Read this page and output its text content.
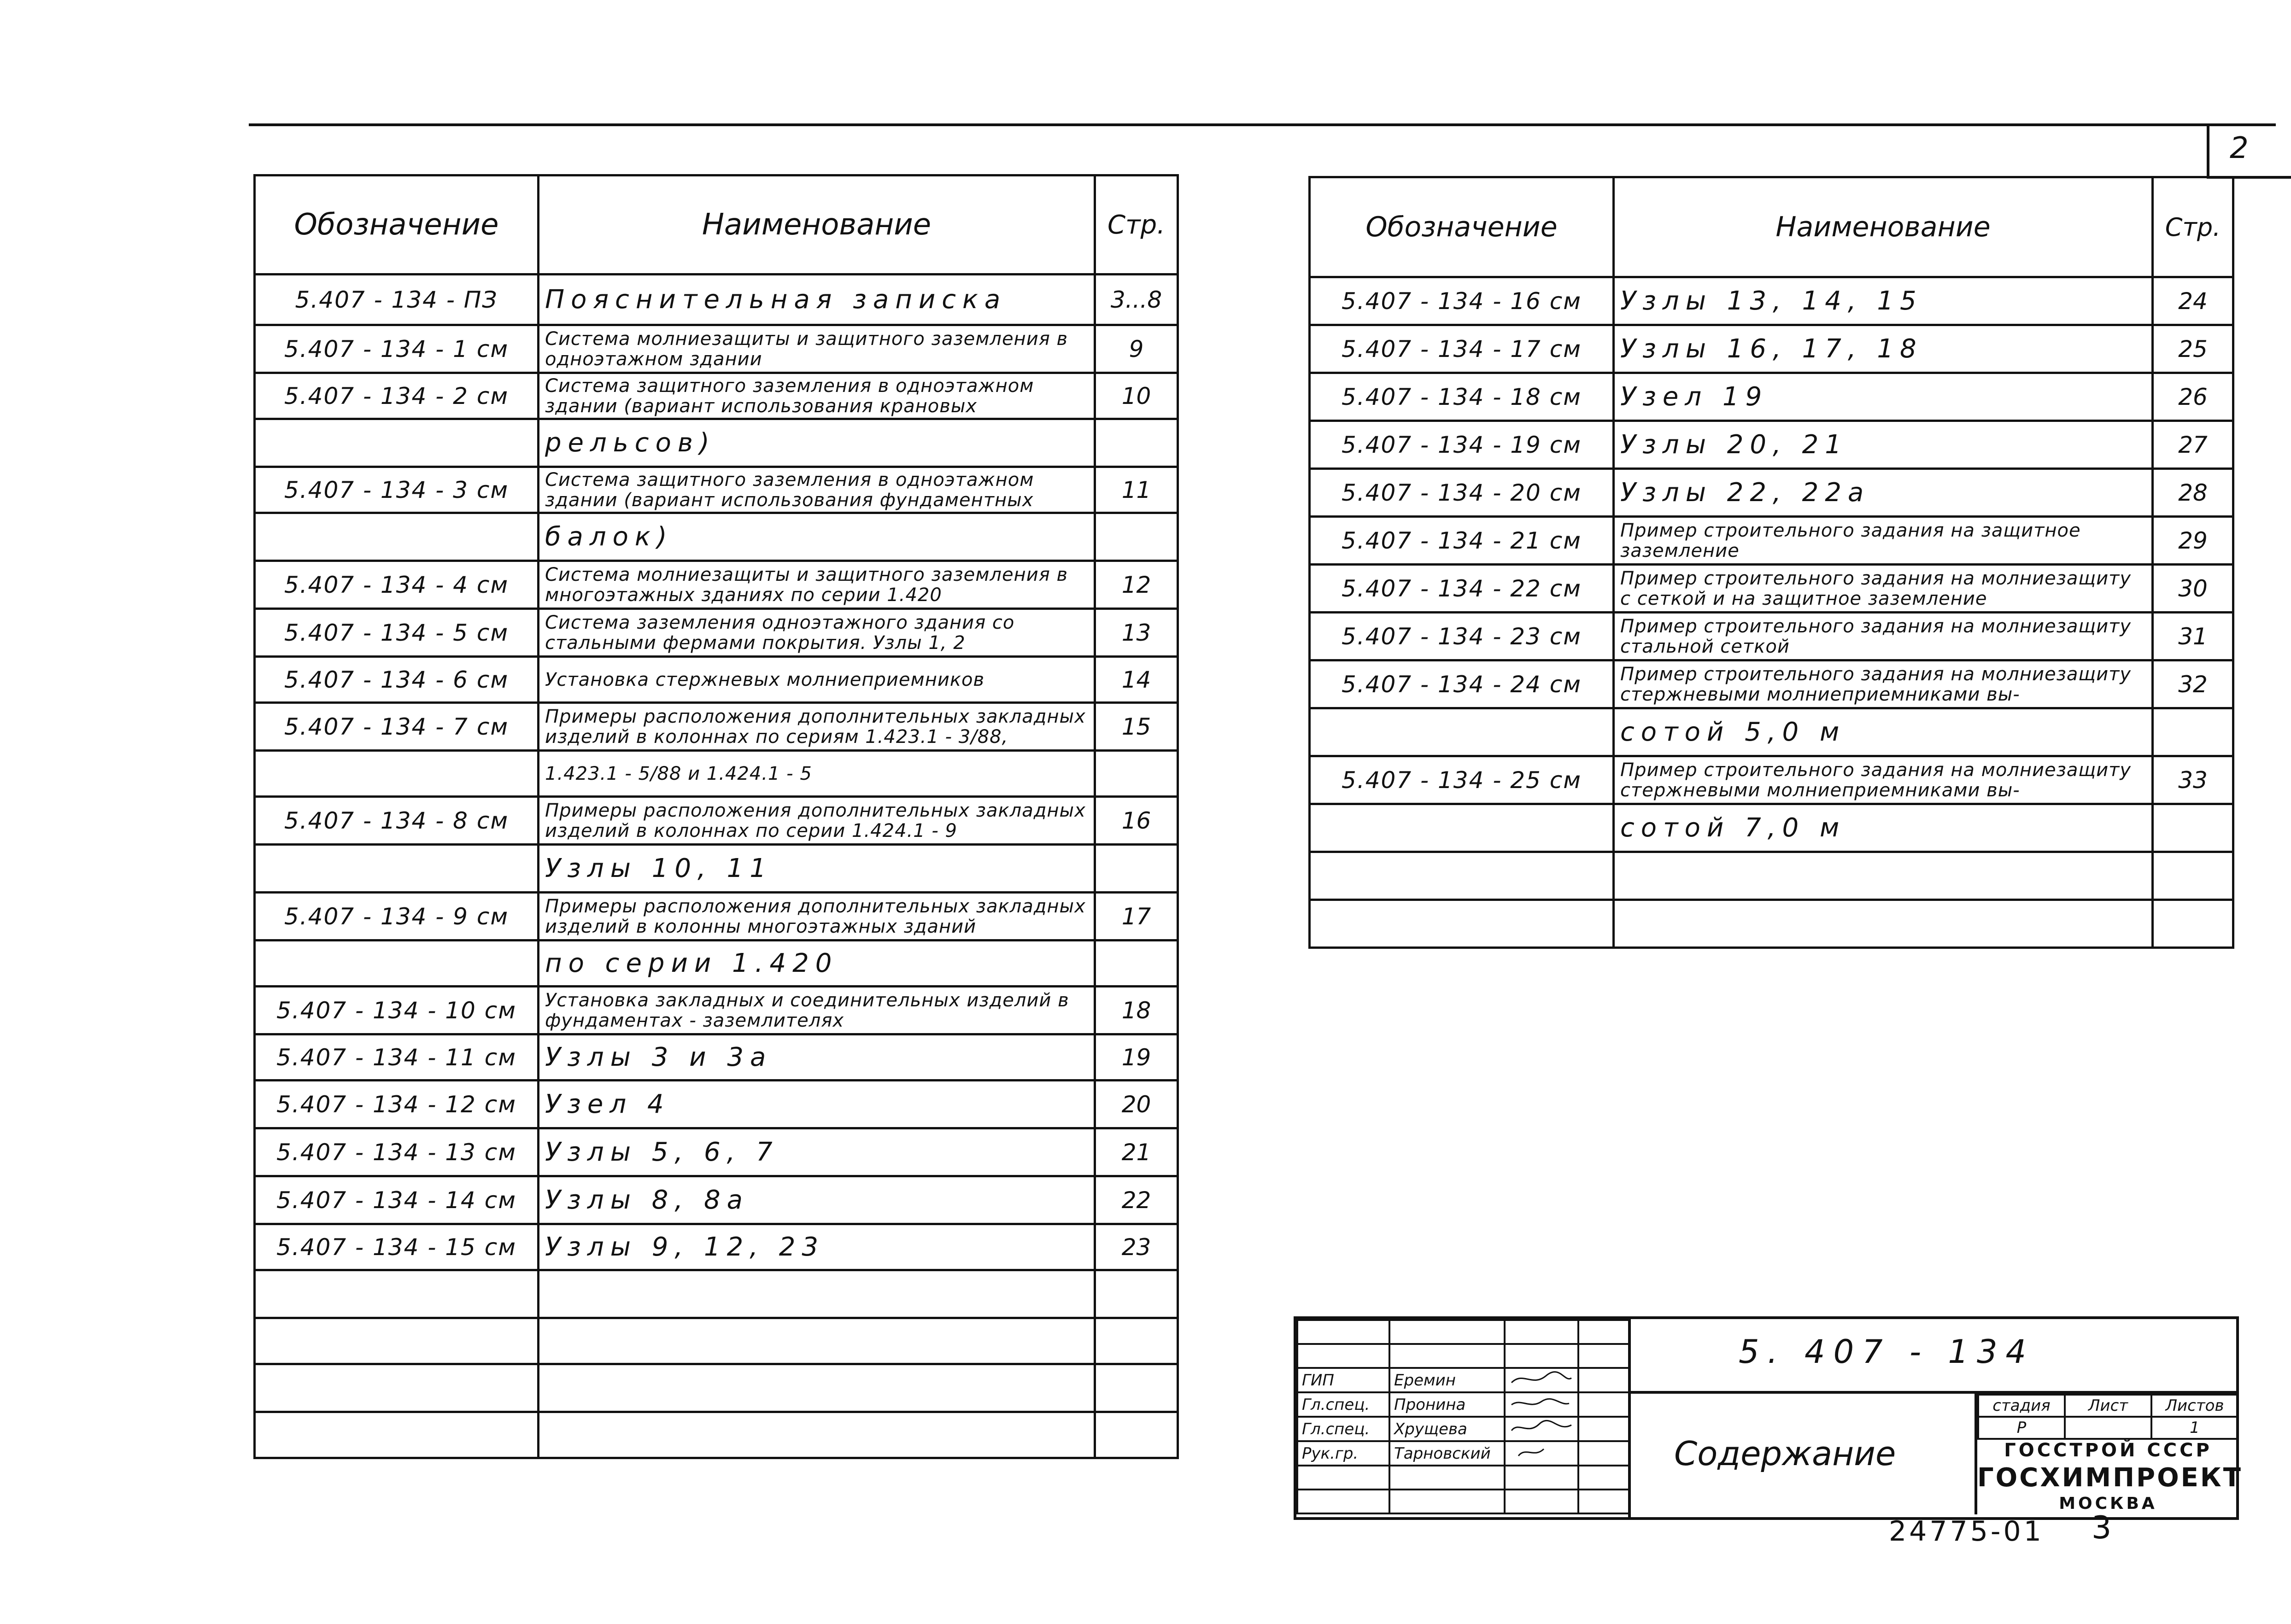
2
Обозначение	Наименование	Стр.
5.407 - 134 - ПЗ	Пояснительная записка	3...8
5.407 - 134 - 1 см	Система молниезащиты и защитного заземления в одноэтажном здании	9
5.407 - 134 - 2 см	Система защитного заземления в одноэтажном здании (вариант использования крановых	10
	рельсов)	
5.407 - 134 - 3 см	Система защитного заземления в одноэтажном здании (вариант использования фундаментных	11
	балок)	
5.407 - 134 - 4 см	Система молниезащиты и защитного заземления в многоэтажных зданиях по серии 1.420	12
5.407 - 134 - 5 см	Система заземления одноэтажного здания со стальными фермами покрытия. Узлы 1, 2	13
5.407 - 134 - 6 см	Установка стержневых молниеприемников	14
5.407 - 134 - 7 см	Примеры расположения дополнительных закладных изделий в колоннах по сериям 1.423.1 - 3/88,	15
	1.423.1 - 5/88 и 1.424.1 - 5	
5.407 - 134 - 8 см	Примеры расположения дополнительных закладных изделий в колоннах по серии 1.424.1 - 9	16
	Узлы 10, 11	
5.407 - 134 - 9 см	Примеры расположения дополнительных закладных изделий в колонны многоэтажных зданий	17
	по серии 1.420	
5.407 - 134 - 10 см	Установка закладных и соединительных изделий в фундаментах - заземлителях	18
5.407 - 134 - 11 см	Узлы 3 и 3а	19
5.407 - 134 - 12 см	Узел 4	20
5.407 - 134 - 13 см	Узлы 5, 6, 7	21
5.407 - 134 - 14 см	Узлы 8, 8а	22
5.407 - 134 - 15 см	Узлы 9, 12, 23	23

Обозначение	Наименование	Стр.
5.407 - 134 - 16 см	Узлы 13, 14, 15	24
5.407 - 134 - 17 см	Узлы 16, 17, 18	25
5.407 - 134 - 18 см	Узел 19	26
5.407 - 134 - 19 см	Узлы 20, 21	27
5.407 - 134 - 20 см	Узлы 22, 22а	28
5.407 - 134 - 21 см	Пример строительного задания на защитное заземление	29
5.407 - 134 - 22 см	Пример строительного задания на молниезащиту с сеткой и на защитное заземление	30
5.407 - 134 - 23 см	Пример строительного задания на молниезащиту стальной сеткой	31
5.407 - 134 - 24 см	Пример строительного задания на молниезащиту стержневыми молниеприемниками вы-	32
	сотой 5,0 м	
5.407 - 134 - 25 см	Пример строительного задания на молниезащиту стержневыми молниеприемниками вы-	33
	сотой 7,0 м	

ГИП	Еремин		
Гл.спец.	Пронина		
Гл.спец.	Хрущева		
Рук.гр.	Тарновский		

5. 407 - 134
Содержание
стадия	Лист	Листов
Р		1
ГОССТРОЙ СССР
ГОСХИМПРОЕКТ
МОСКВА
24775-01 3
